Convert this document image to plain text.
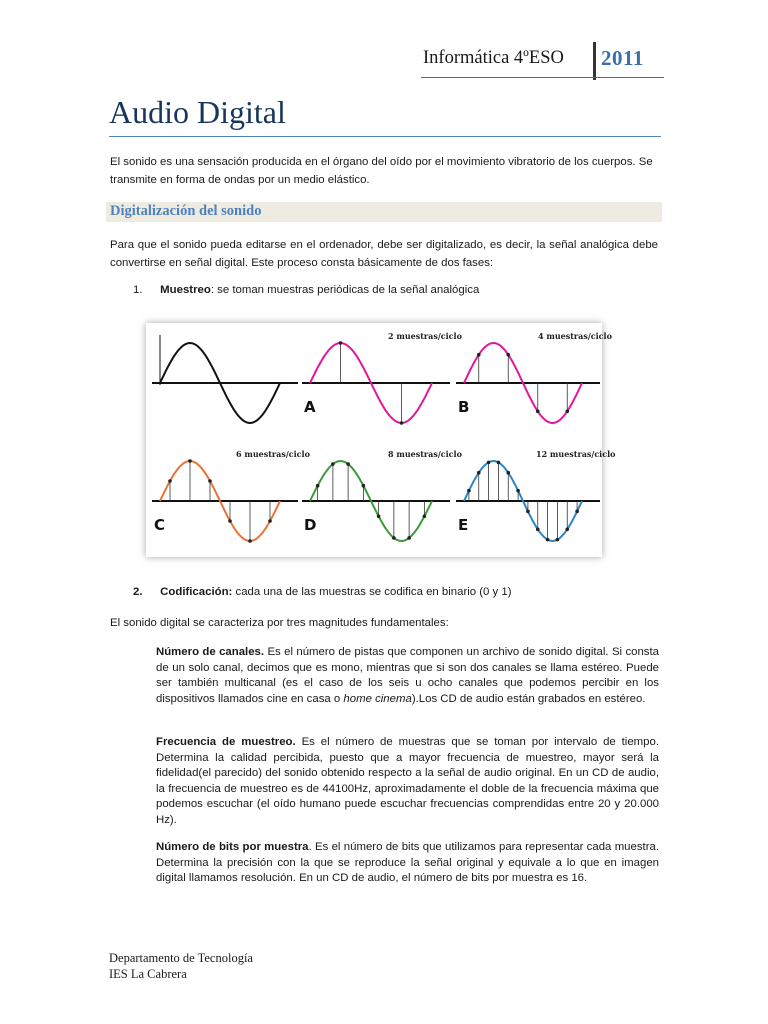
Informática 4ºESO 2011
Audio Digital
El sonido es una sensación producida en el órgano del oído por el movimiento vibratorio de los cuerpos. Se transmite en forma de ondas por un medio elástico.
Digitalización del sonido
Para que el sonido pueda editarse en el ordenador, debe ser digitalizado, es decir, la señal analógica debe convertirse en señal digital. Este proceso consta básicamente de dos fases:
1. Muestreo: se toman muestras periódicas de la señal analógica
2 muestras/ciclo
A
4 muestras/ciclo
B
6 muestras/ciclo
C
8 muestras/ciclo
D
12 muestras/ciclo
E
2. Codificación: cada una de las muestras se codifica en binario (0 y 1)
El sonido digital se caracteriza por tres magnitudes fundamentales:
Número de canales. Es el número de pistas que componen un archivo de sonido digital. Si consta de un solo canal, decimos que es mono, mientras que si son dos canales se llama estéreo. Puede ser también multicanal (es el caso de los seis u ocho canales que podemos percibir en los dispositivos llamados cine en casa o home cinema).Los CD de audio están grabados en estéreo.
Frecuencia de muestreo. Es el número de muestras que se toman por intervalo de tiempo. Determina la calidad percibida, puesto que a mayor frecuencia de muestreo, mayor será la fidelidad(el parecido) del sonido obtenido respecto a la señal de audio original. En un CD de audio, la frecuencia de muestreo es de 44100Hz, aproximadamente el doble de la frecuencia máxima que podemos escuchar (el oído humano puede escuchar frecuencias comprendidas entre 20 y 20.000 Hz).
Número de bits por muestra. Es el número de bits que utilizamos para representar cada muestra. Determina la precisión con la que se reproduce la señal original y equivale a lo que en imagen digital llamamos resolución. En un CD de audio, el número de bits por muestra es 16.
Departamento de Tecnología
IES La Cabrera
